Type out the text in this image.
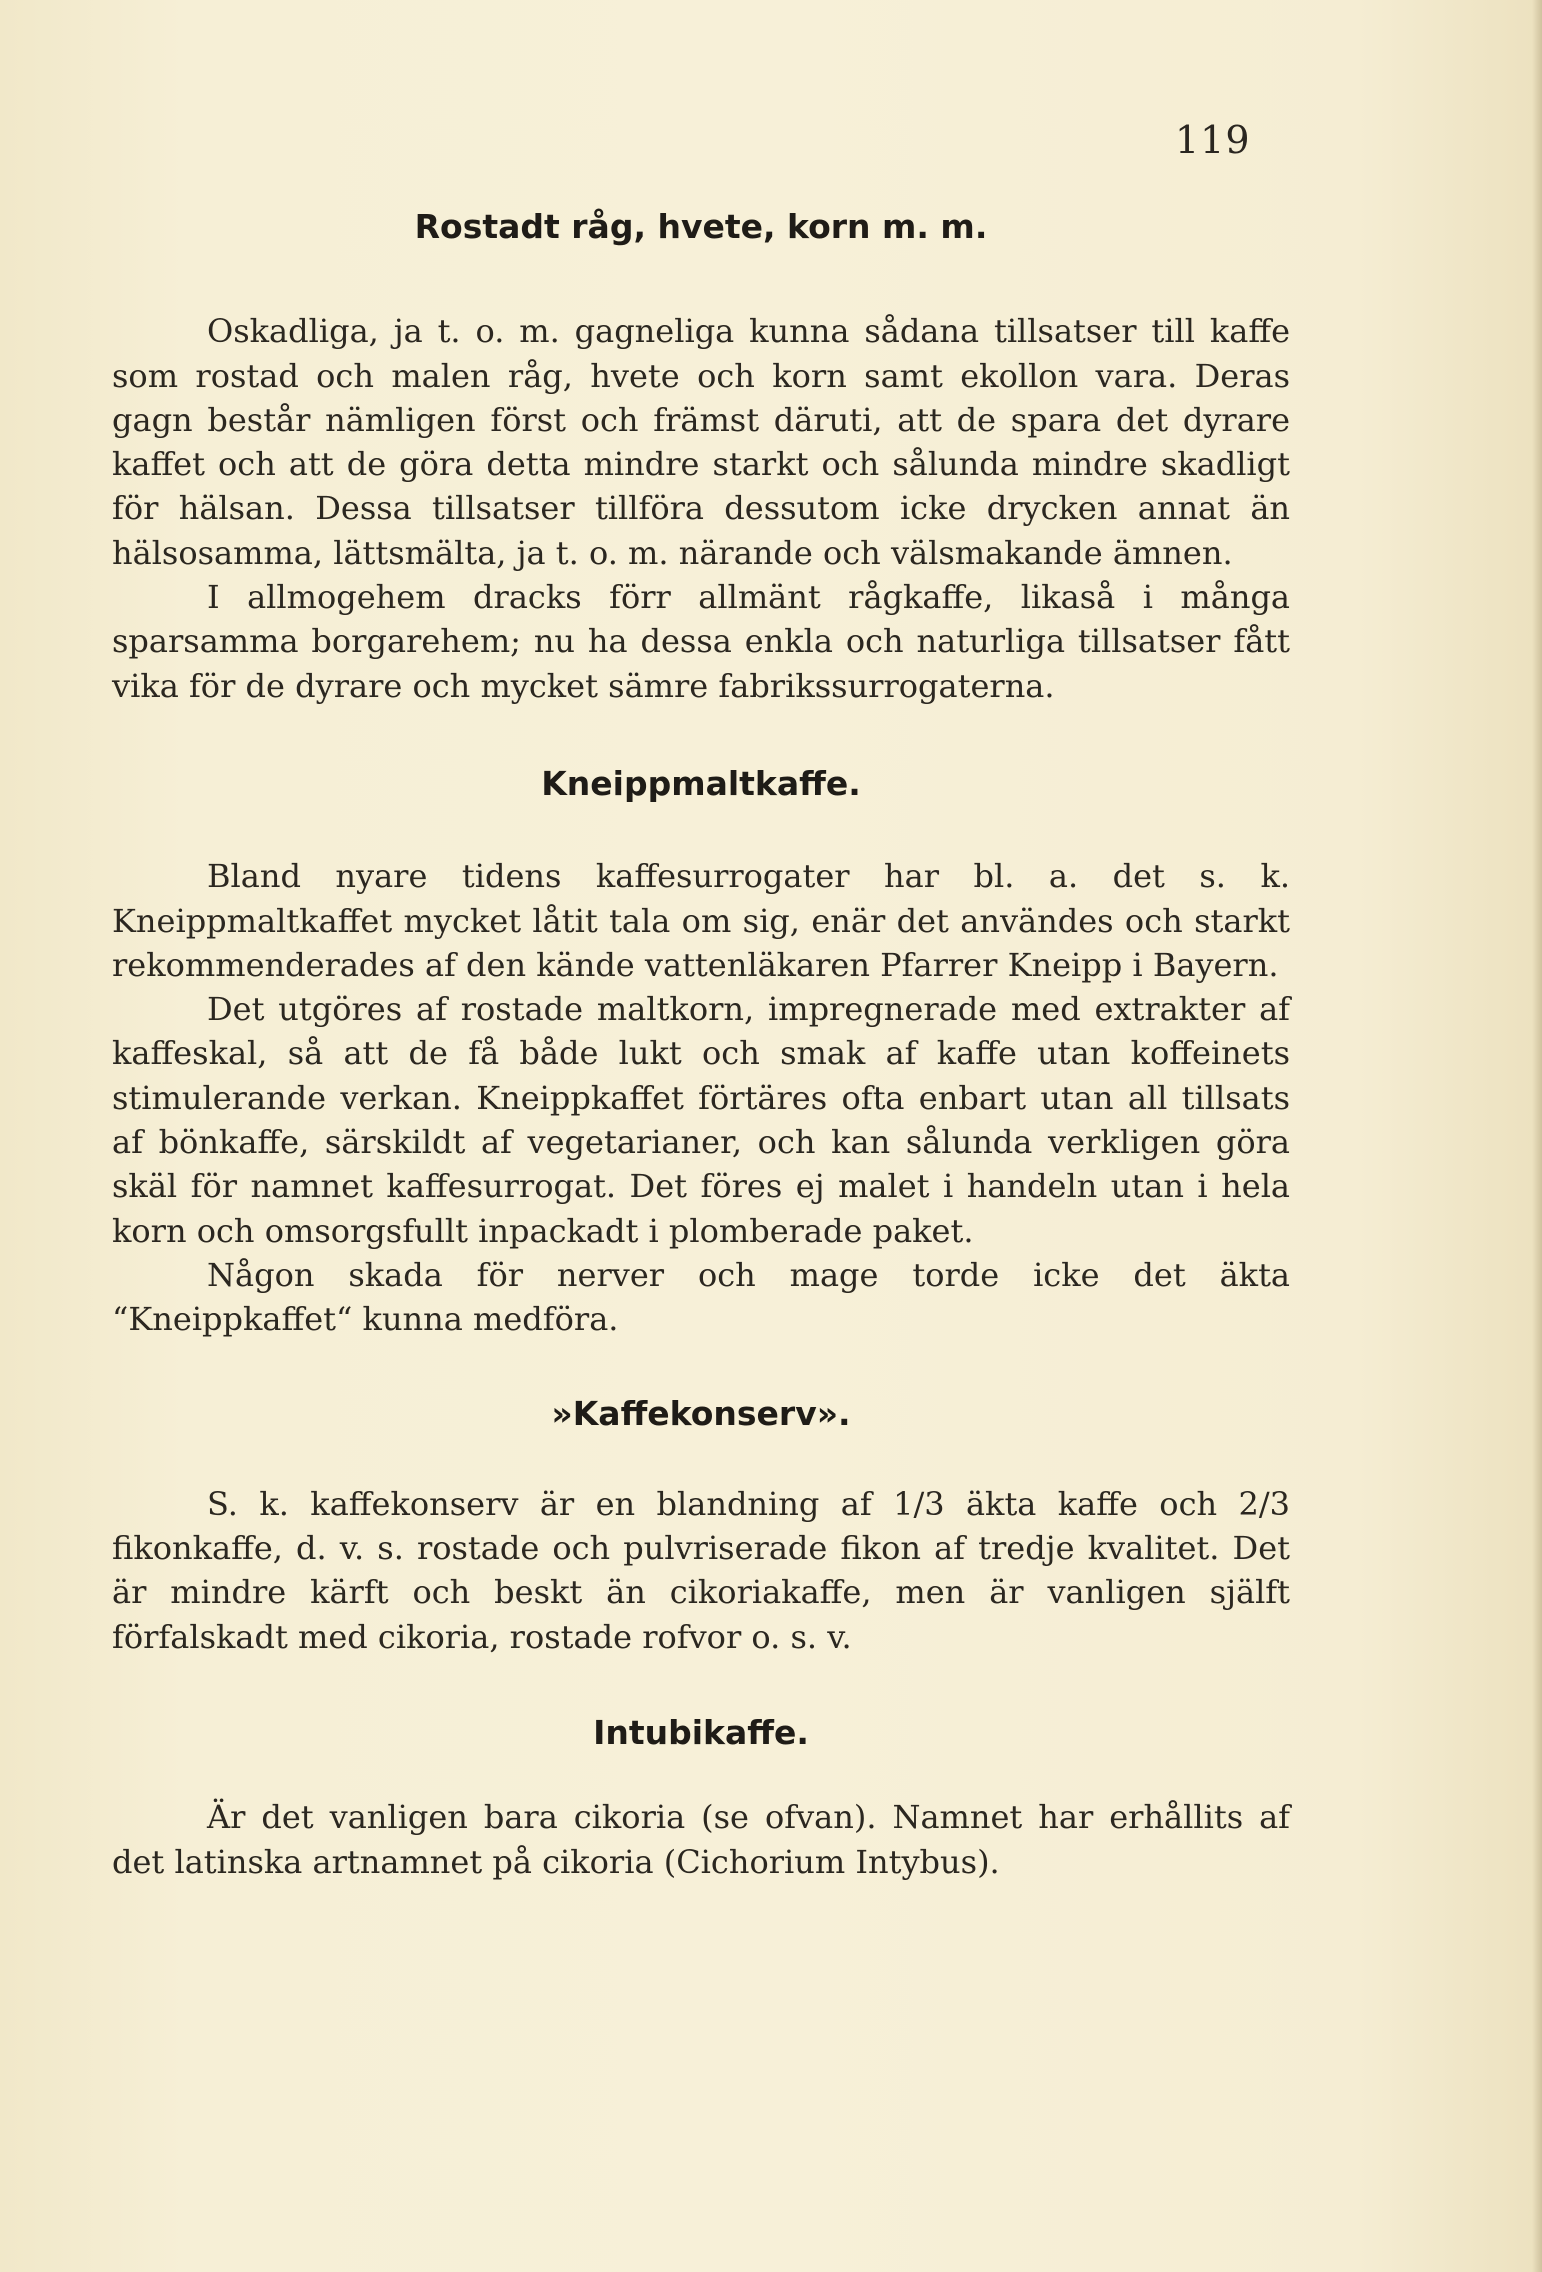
119
Rostadt råg, hvete, korn m. m.

Oskadliga, ja t. o. m. gagneliga kunna sådana tillsatser till kaffe som rostad och malen råg, hvete och korn samt ekollon vara. Deras gagn består nämligen först och främst däruti, att de spara det dyrare kaffet och att de göra detta mindre starkt och sålunda mindre skadligt för hälsan. Dessa tillsatser tillföra dessutom icke drycken annat än hälsosamma, lättsmälta, ja t. o. m. närande och välsmakande ämnen.

I allmogehem dracks förr allmänt rågkaffe, likaså i många sparsamma borgarehem; nu ha dessa enkla och naturliga tillsatser fått vika för de dyrare och mycket sämre fabrikssurrogaterna.

Kneippmaltkaffe.

Bland nyare tidens kaffesurrogater har bl. a. det s. k. Kneippmaltkaffet mycket låtit tala om sig, enär det användes och starkt rekommenderades af den kände vattenläkaren Pfarrer Kneipp i Bayern.

Det utgöres af rostade maltkorn, impregnerade med extrakter af kaffeskal, så att de få både lukt och smak af kaffe utan koffeinets stimulerande verkan. Kneippkaffet förtäres ofta enbart utan all tillsats af bönkaffe, särskildt af vegetarianer, och kan sålunda verkligen göra skäl för namnet kaffesurrogat. Det föres ej malet i handeln utan i hela korn och omsorgsfullt inpackadt i plomberade paket.

Någon skada för nerver och mage torde icke det äkta “Kneippkaffet“ kunna medföra.

»Kaffekonserv».

S. k. kaffekonserv är en blandning af 1/3 äkta kaffe och 2/3 fikonkaffe, d. v. s. rostade och pulvriserade fikon af tredje kvalitet. Det är mindre kärft och beskt än cikoriakaffe, men är vanligen själft förfalskadt med cikoria, rostade rofvor o. s. v.

Intubikaffe.

Är det vanligen bara cikoria (se ofvan). Namnet har erhållits af det latinska artnamnet på cikoria (Cichorium Intybus).
